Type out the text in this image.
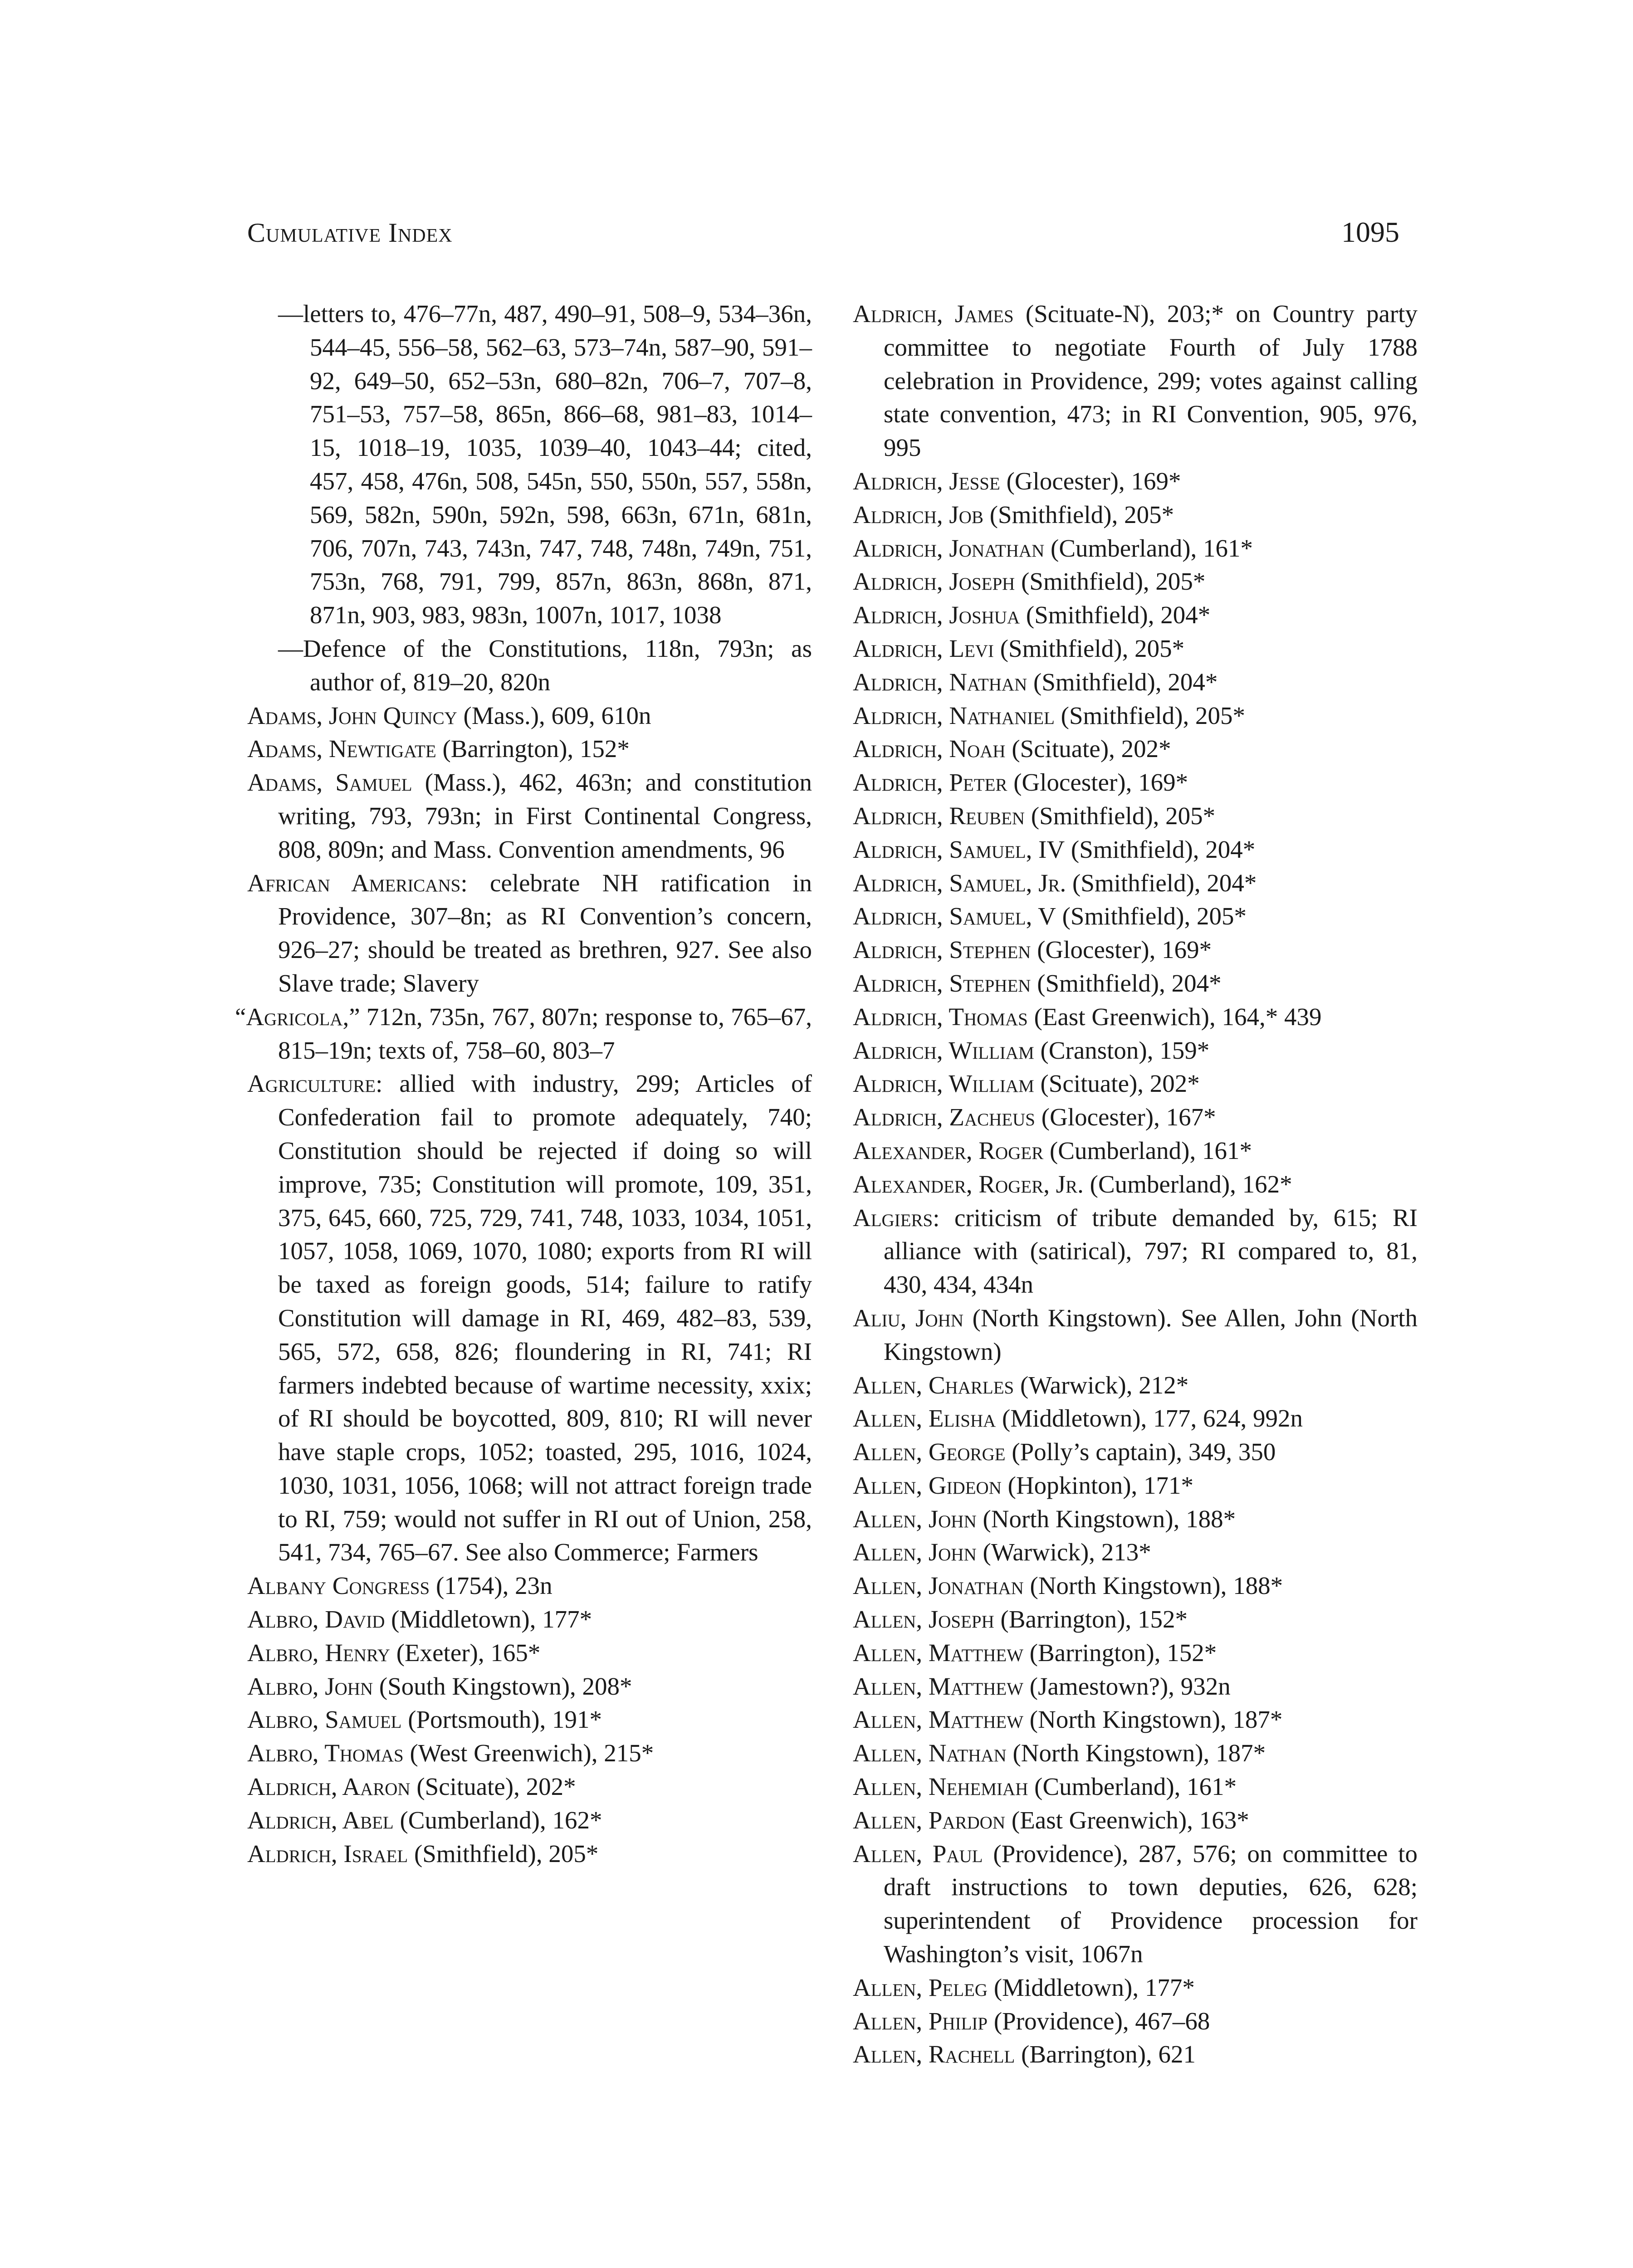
Cumulative Index	1095

—letters to, 476–77n, 487, 490–91, 508–9, 534–36n, 544–45, 556–58, 562–63, 573–74n, 587–90, 591–92, 649–50, 652–53n, 680–82n, 706–7, 707–8, 751–53, 757–58, 865n, 866–68, 981–83, 1014–15, 1018–19, 1035, 1039–40, 1043–44; cited, 457, 458, 476n, 508, 545n, 550, 550n, 557, 558n, 569, 582n, 590n, 592n, 598, 663n, 671n, 681n, 706, 707n, 743, 743n, 747, 748, 748n, 749n, 751, 753n, 768, 791, 799, 857n, 863n, 868n, 871, 871n, 903, 983, 983n, 1007n, 1017, 1038

—Defence of the Constitutions, 118n, 793n; as author of, 819–20, 820n

Adams, John Quincy (Mass.), 609, 610n

Adams, Newtigate (Barrington), 152*

Adams, Samuel (Mass.), 462, 463n; and constitution writing, 793, 793n; in First Continental Congress, 808, 809n; and Mass. Convention amendments, 96

African Americans: celebrate NH ratification in Providence, 307–8n; as RI Convention’s concern, 926–27; should be treated as brethren, 927. See also Slave trade; Slavery

“Agricola,” 712n, 735n, 767, 807n; response to, 765–67, 815–19n; texts of, 758–60, 803–7

Agriculture: allied with industry, 299; Articles of Confederation fail to promote adequately, 740; Constitution should be rejected if doing so will improve, 735; Constitution will promote, 109, 351, 375, 645, 660, 725, 729, 741, 748, 1033, 1034, 1051, 1057, 1058, 1069, 1070, 1080; exports from RI will be taxed as foreign goods, 514; failure to ratify Constitution will damage in RI, 469, 482–83, 539, 565, 572, 658, 826; floundering in RI, 741; RI farmers indebted because of wartime necessity, xxix; of RI should be boycotted, 809, 810; RI will never have staple crops, 1052; toasted, 295, 1016, 1024, 1030, 1031, 1056, 1068; will not attract foreign trade to RI, 759; would not suffer in RI out of Union, 258, 541, 734, 765–67. See also Commerce; Farmers

Albany Congress (1754), 23n

Albro, David (Middletown), 177*

Albro, Henry (Exeter), 165*

Albro, John (South Kingstown), 208*

Albro, Samuel (Portsmouth), 191*

Albro, Thomas (West Greenwich), 215*

Aldrich, Aaron (Scituate), 202*

Aldrich, Abel (Cumberland), 162*

Aldrich, Israel (Smithfield), 205*

Aldrich, James (Scituate-N), 203;* on Country party committee to negotiate Fourth of July 1788 celebration in Providence, 299; votes against calling state convention, 473; in RI Convention, 905, 976, 995

Aldrich, Jesse (Glocester), 169*

Aldrich, Job (Smithfield), 205*

Aldrich, Jonathan (Cumberland), 161*

Aldrich, Joseph (Smithfield), 205*

Aldrich, Joshua (Smithfield), 204*

Aldrich, Levi (Smithfield), 205*

Aldrich, Nathan (Smithfield), 204*

Aldrich, Nathaniel (Smithfield), 205*

Aldrich, Noah (Scituate), 202*

Aldrich, Peter (Glocester), 169*

Aldrich, Reuben (Smithfield), 205*

Aldrich, Samuel, IV (Smithfield), 204*

Aldrich, Samuel, Jr. (Smithfield), 204*

Aldrich, Samuel, V (Smithfield), 205*

Aldrich, Stephen (Glocester), 169*

Aldrich, Stephen (Smithfield), 204*

Aldrich, Thomas (East Greenwich), 164,* 439

Aldrich, William (Cranston), 159*

Aldrich, William (Scituate), 202*

Aldrich, Zacheus (Glocester), 167*

Alexander, Roger (Cumberland), 161*

Alexander, Roger, Jr. (Cumberland), 162*

Algiers: criticism of tribute demanded by, 615; RI alliance with (satirical), 797; RI compared to, 81, 430, 434, 434n

Aliu, John (North Kingstown). See Allen, John (North Kingstown)

Allen, Charles (Warwick), 212*

Allen, Elisha (Middletown), 177, 624, 992n

Allen, George (Polly’s captain), 349, 350

Allen, Gideon (Hopkinton), 171*

Allen, John (North Kingstown), 188*

Allen, John (Warwick), 213*

Allen, Jonathan (North Kingstown), 188*

Allen, Joseph (Barrington), 152*

Allen, Matthew (Barrington), 152*

Allen, Matthew (Jamestown?), 932n

Allen, Matthew (North Kingstown), 187*

Allen, Nathan (North Kingstown), 187*

Allen, Nehemiah (Cumberland), 161*

Allen, Pardon (East Greenwich), 163*

Allen, Paul (Providence), 287, 576; on committee to draft instructions to town deputies, 626, 628; superintendent of Providence procession for Washington’s visit, 1067n

Allen, Peleg (Middletown), 177*

Allen, Philip (Providence), 467–68

Allen, Rachell (Barrington), 621
